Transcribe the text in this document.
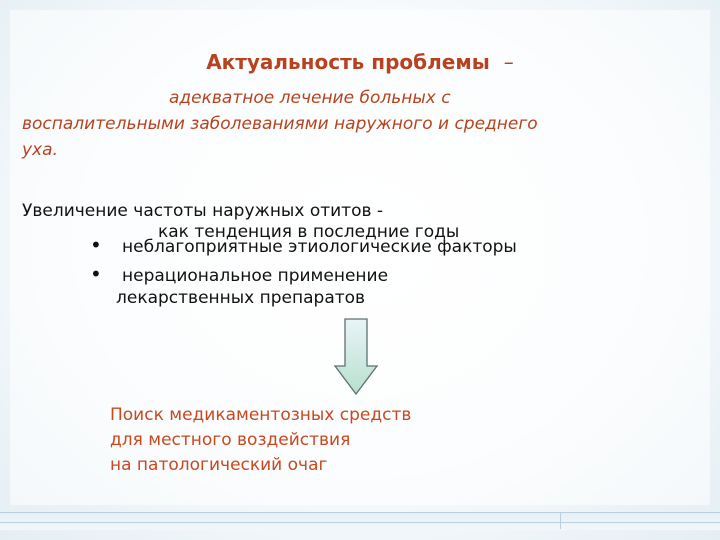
Актуальность проблемы –
адекватное лечение больных с
воспалительными заболеваниями наружного и среднего
уха.
Увеличение частоты наружных отитов -
как тенденция в последние годы
• неблагоприятные этиологические факторы
• нерациональное применение
лекарственных препаратов
Поиск медикаментозных средств
для местного воздействия
на патологический очаг
